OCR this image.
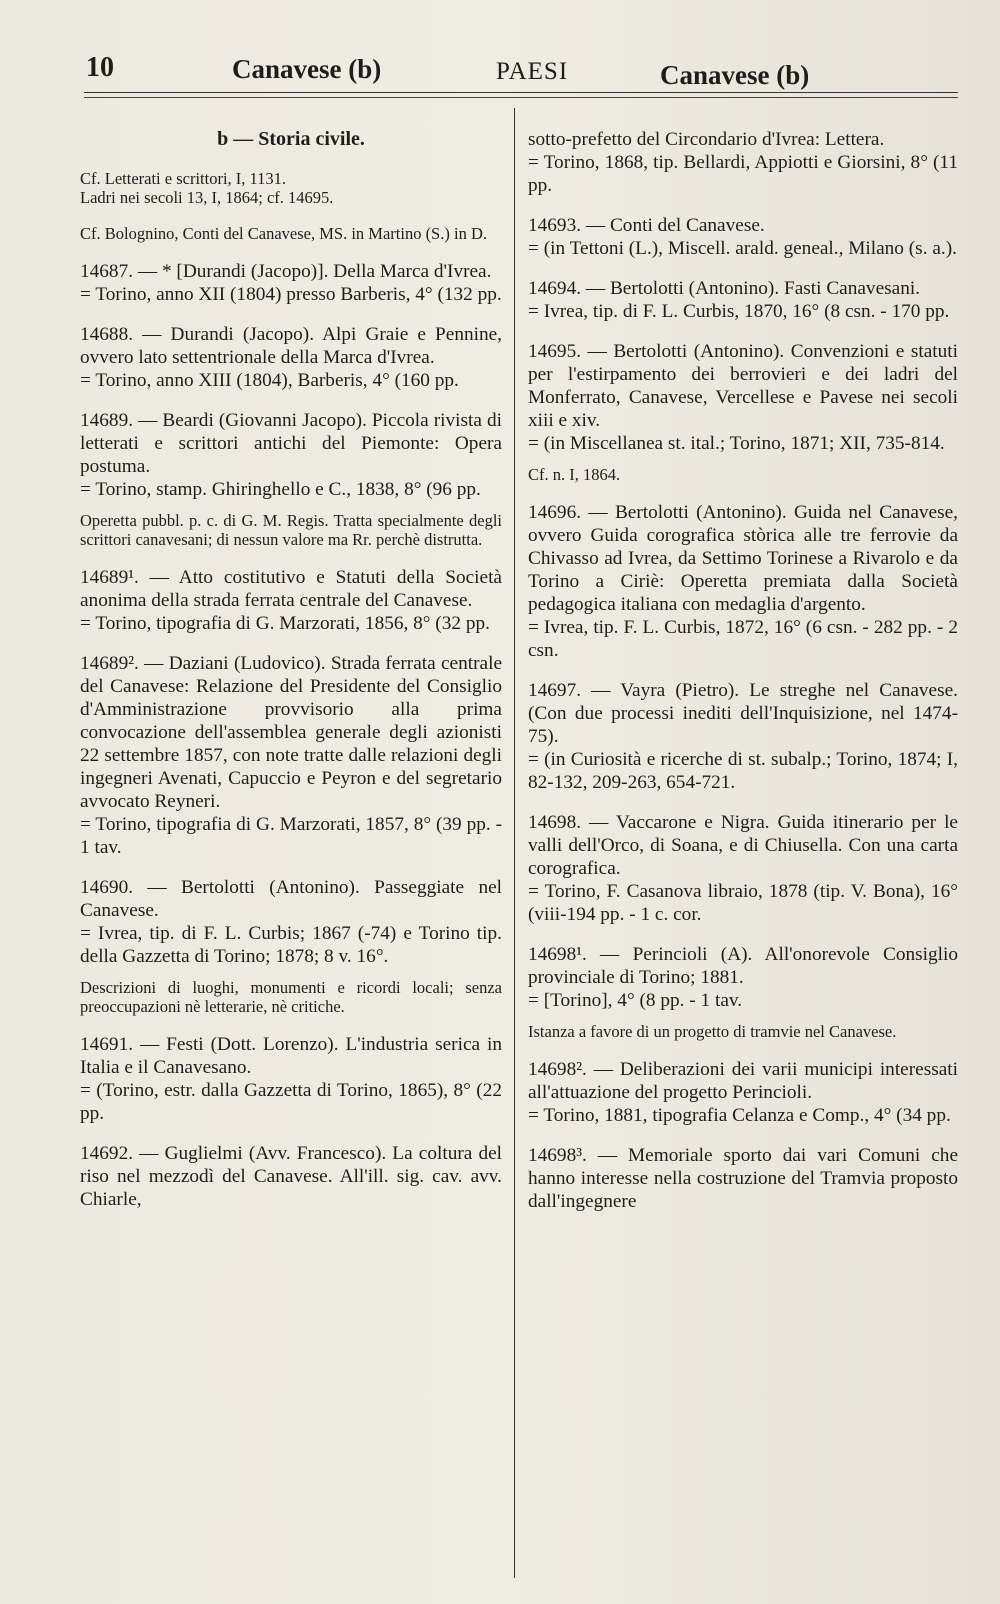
10	Canavese (b)	PAESI	Canavese (b)

b — Storia civile.

Cf. Letterati e scrittori, I, 1131.

Ladri nei secoli 13, I, 1864; cf. 14695.

Cf. Bolognino, Conti del Canavese, MS. in Martino (S.) in D.

14687. — * [Durandi (Jacopo)]. Della Marca d'Ivrea.

= Torino, anno XII (1804) presso Barberis, 4° (132 pp.

14688. — Durandi (Jacopo). Alpi Graie e Pennine, ovvero lato settentrionale della Marca d'Ivrea.

= Torino, anno XIII (1804), Barberis, 4° (160 pp.

14689. — Beardi (Giovanni Jacopo). Piccola rivista di letterati e scrittori antichi del Piemonte: Opera postuma.

= Torino, stamp. Ghiringhello e C., 1838, 8° (96 pp.

Operetta pubbl. p. c. di G. M. Regis. Tratta specialmente degli scrittori canavesani; di nessun valore ma Rr. perchè distrutta.

14689¹. — Atto costitutivo e Statuti della Società anonima della strada ferrata centrale del Canavese.

= Torino, tipografia di G. Marzorati, 1856, 8° (32 pp.

14689². — Daziani (Ludovico). Strada ferrata centrale del Canavese: Relazione del Presidente del Consiglio d'Amministrazione provvisorio alla prima convocazione dell'assemblea generale degli azionisti 22 settembre 1857, con note tratte dalle relazioni degli ingegneri Avenati, Capuccio e Peyron e del segretario avvocato Reyneri.

= Torino, tipografia di G. Marzorati, 1857, 8° (39 pp. - 1 tav.

14690. — Bertolotti (Antonino). Passeggiate nel Canavese.

= Ivrea, tip. di F. L. Curbis; 1867 (-74) e Torino tip. della Gazzetta di Torino; 1878; 8 v. 16°.

Descrizioni di luoghi, monumenti e ricordi locali; senza preoccupazioni nè letterarie, nè critiche.

14691. — Festi (Dott. Lorenzo). L'industria serica in Italia e il Canavesano.

= (Torino, estr. dalla Gazzetta di Torino, 1865), 8° (22 pp.

14692. — Guglielmi (Avv. Francesco). La coltura del riso nel mezzodì del Canavese. All'ill. sig. cav. avv. Chiarle,

sotto-prefetto del Circondario d'Ivrea: Lettera.

= Torino, 1868, tip. Bellardi, Appiotti e Giorsini, 8° (11 pp.

14693. — Conti del Canavese.

= (in Tettoni (L.), Miscell. arald. geneal., Milano (s. a.).

14694. — Bertolotti (Antonino). Fasti Canavesani.

= Ivrea, tip. di F. L. Curbis, 1870, 16° (8 csn. - 170 pp.

14695. — Bertolotti (Antonino). Convenzioni e statuti per l'estirpamento dei berrovieri e dei ladri del Monferrato, Canavese, Vercellese e Pavese nei secoli xiii e xiv.

= (in Miscellanea st. ital.; Torino, 1871; XII, 735-814.

Cf. n. I, 1864.

14696. — Bertolotti (Antonino). Guida nel Canavese, ovvero Guida corografica stòrica alle tre ferrovie da Chivasso ad Ivrea, da Settimo Torinese a Rivarolo e da Torino a Ciriè: Operetta premiata dalla Società pedagogica italiana con medaglia d'argento.

= Ivrea, tip. F. L. Curbis, 1872, 16° (6 csn. - 282 pp. - 2 csn.

14697. — Vayra (Pietro). Le streghe nel Canavese. (Con due processi inediti dell'Inquisizione, nel 1474-75).

= (in Curiosità e ricerche di st. subalp.; Torino, 1874; I, 82-132, 209-263, 654-721.

14698. — Vaccarone e Nigra. Guida itinerario per le valli dell'Orco, di Soana, e di Chiusella. Con una carta corografica.

= Torino, F. Casanova libraio, 1878 (tip. V. Bona), 16° (viii-194 pp. - 1 c. cor.

14698¹. — Perincioli (A). All'onorevole Consiglio provinciale di Torino; 1881.

= [Torino], 4° (8 pp. - 1 tav.

Istanza a favore di un progetto di tramvie nel Canavese.

14698². — Deliberazioni dei varii municipi interessati all'attuazione del progetto Perincioli.

= Torino, 1881, tipografia Celanza e Comp., 4° (34 pp.

14698³. — Memoriale sporto dai vari Comuni che hanno interesse nella costruzione del Tramvia proposto dall'ingegnere
